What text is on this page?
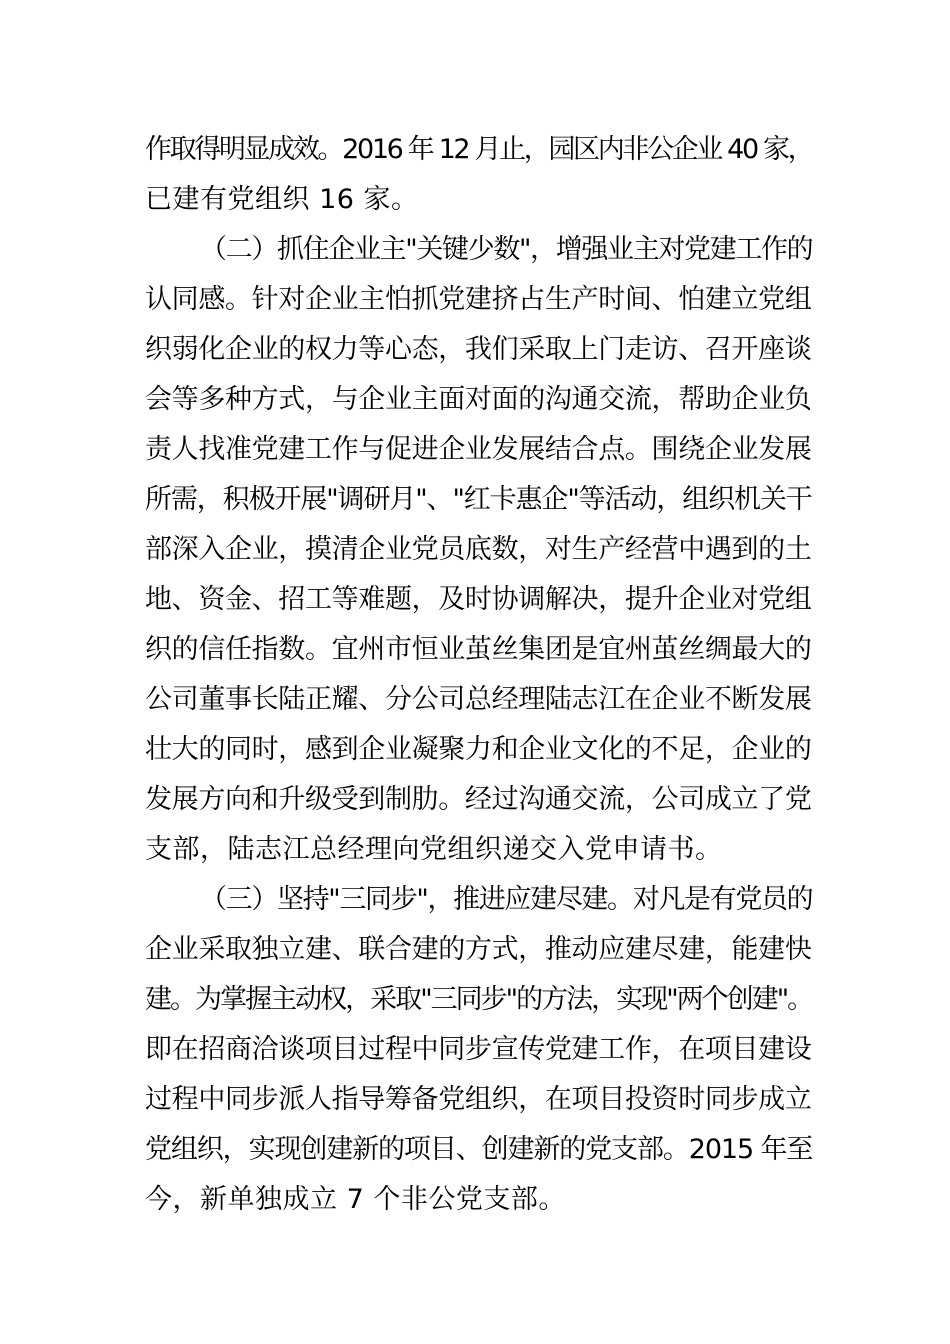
作取得明显成效。2016 年 12 月止，园区内非公企业 40 家，
已建有党组织 16 家。
（二）抓住企业主"关键少数"，增强业主对党建工作的
认同感。针对企业主怕抓党建挤占生产时间、怕建立党组
织弱化企业的权力等心态，我们采取上门走访、召开座谈
会等多种方式，与企业主面对面的沟通交流，帮助企业负
责人找准党建工作与促进企业发展结合点。围绕企业发展
所需，积极开展"调研月"、"红卡惠企"等活动，组织机关干
部深入企业，摸清企业党员底数，对生产经营中遇到的土
地、资金、招工等难题，及时协调解决，提升企业对党组
织的信任指数。宜州市恒业茧丝集团是宜州茧丝绸最大的
公司董事长陆正耀、分公司总经理陆志江在企业不断发展
壮大的同时，感到企业凝聚力和企业文化的不足，企业的
发展方向和升级受到制肋。经过沟通交流，公司成立了党
支部，陆志江总经理向党组织递交入党申请书。
（三）坚持"三同步"，推进应建尽建。对凡是有党员的
企业采取独立建、联合建的方式，推动应建尽建，能建快
建。为掌握主动权，采取"三同步"的方法，实现"两个创建"。
即在招商洽谈项目过程中同步宣传党建工作，在项目建设
过程中同步派人指导筹备党组织，在项目投资时同步成立
党组织，实现创建新的项目、创建新的党支部。2015 年至
今，新单独成立 7 个非公党支部。
